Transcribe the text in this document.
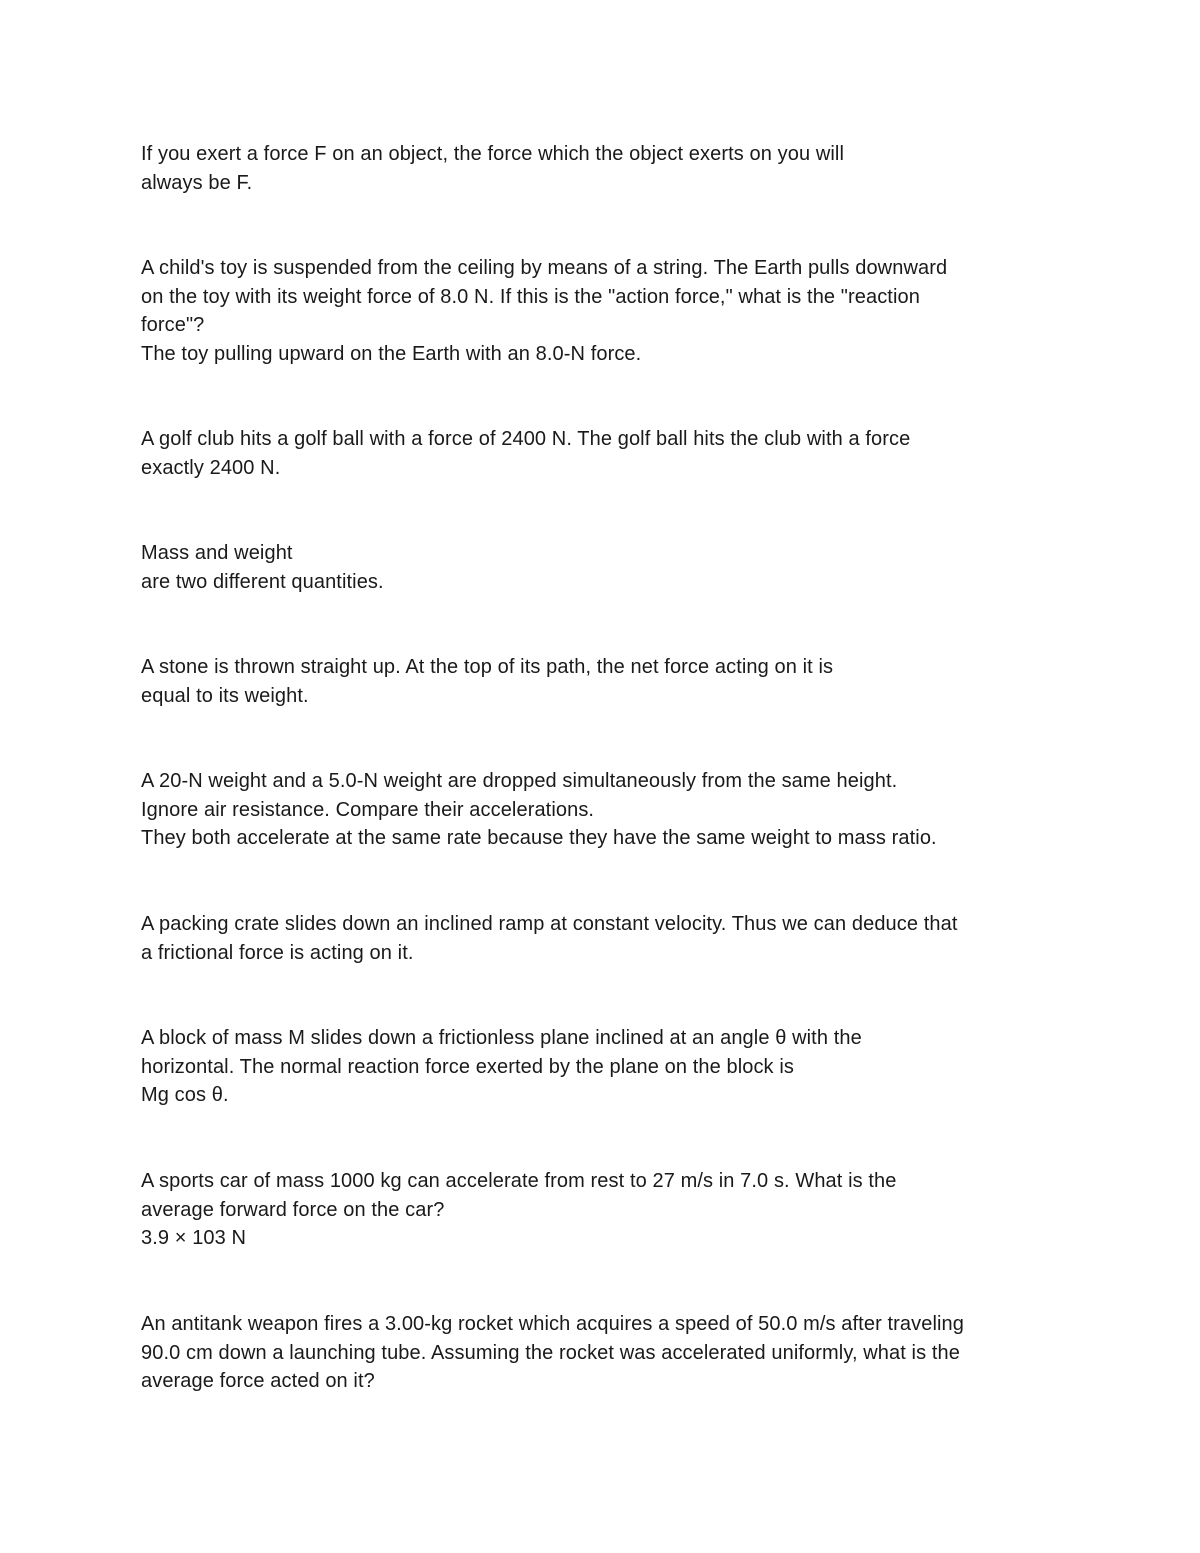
If you exert a force F on an object, the force which the object exerts on you will
always be F.
A child's toy is suspended from the ceiling by means of a string. The Earth pulls downward
on the toy with its weight force of 8.0 N. If this is the "action force," what is the "reaction
force"?
The toy pulling upward on the Earth with an 8.0-N force.
A golf club hits a golf ball with a force of 2400 N. The golf ball hits the club with a force
exactly 2400 N.
Mass and weight
are two different quantities.
A stone is thrown straight up. At the top of its path, the net force acting on it is
equal to its weight.
A 20-N weight and a 5.0-N weight are dropped simultaneously from the same height.
Ignore air resistance. Compare their accelerations.
They both accelerate at the same rate because they have the same weight to mass ratio.
A packing crate slides down an inclined ramp at constant velocity. Thus we can deduce that
a frictional force is acting on it.
A block of mass M slides down a frictionless plane inclined at an angle θ with the
horizontal. The normal reaction force exerted by the plane on the block is
Mg cos θ.
A sports car of mass 1000 kg can accelerate from rest to 27 m/s in 7.0 s. What is the
average forward force on the car?
3.9 × 103 N
An antitank weapon fires a 3.00-kg rocket which acquires a speed of 50.0 m/s after traveling
90.0 cm down a launching tube. Assuming the rocket was accelerated uniformly, what is the
average force acted on it?
